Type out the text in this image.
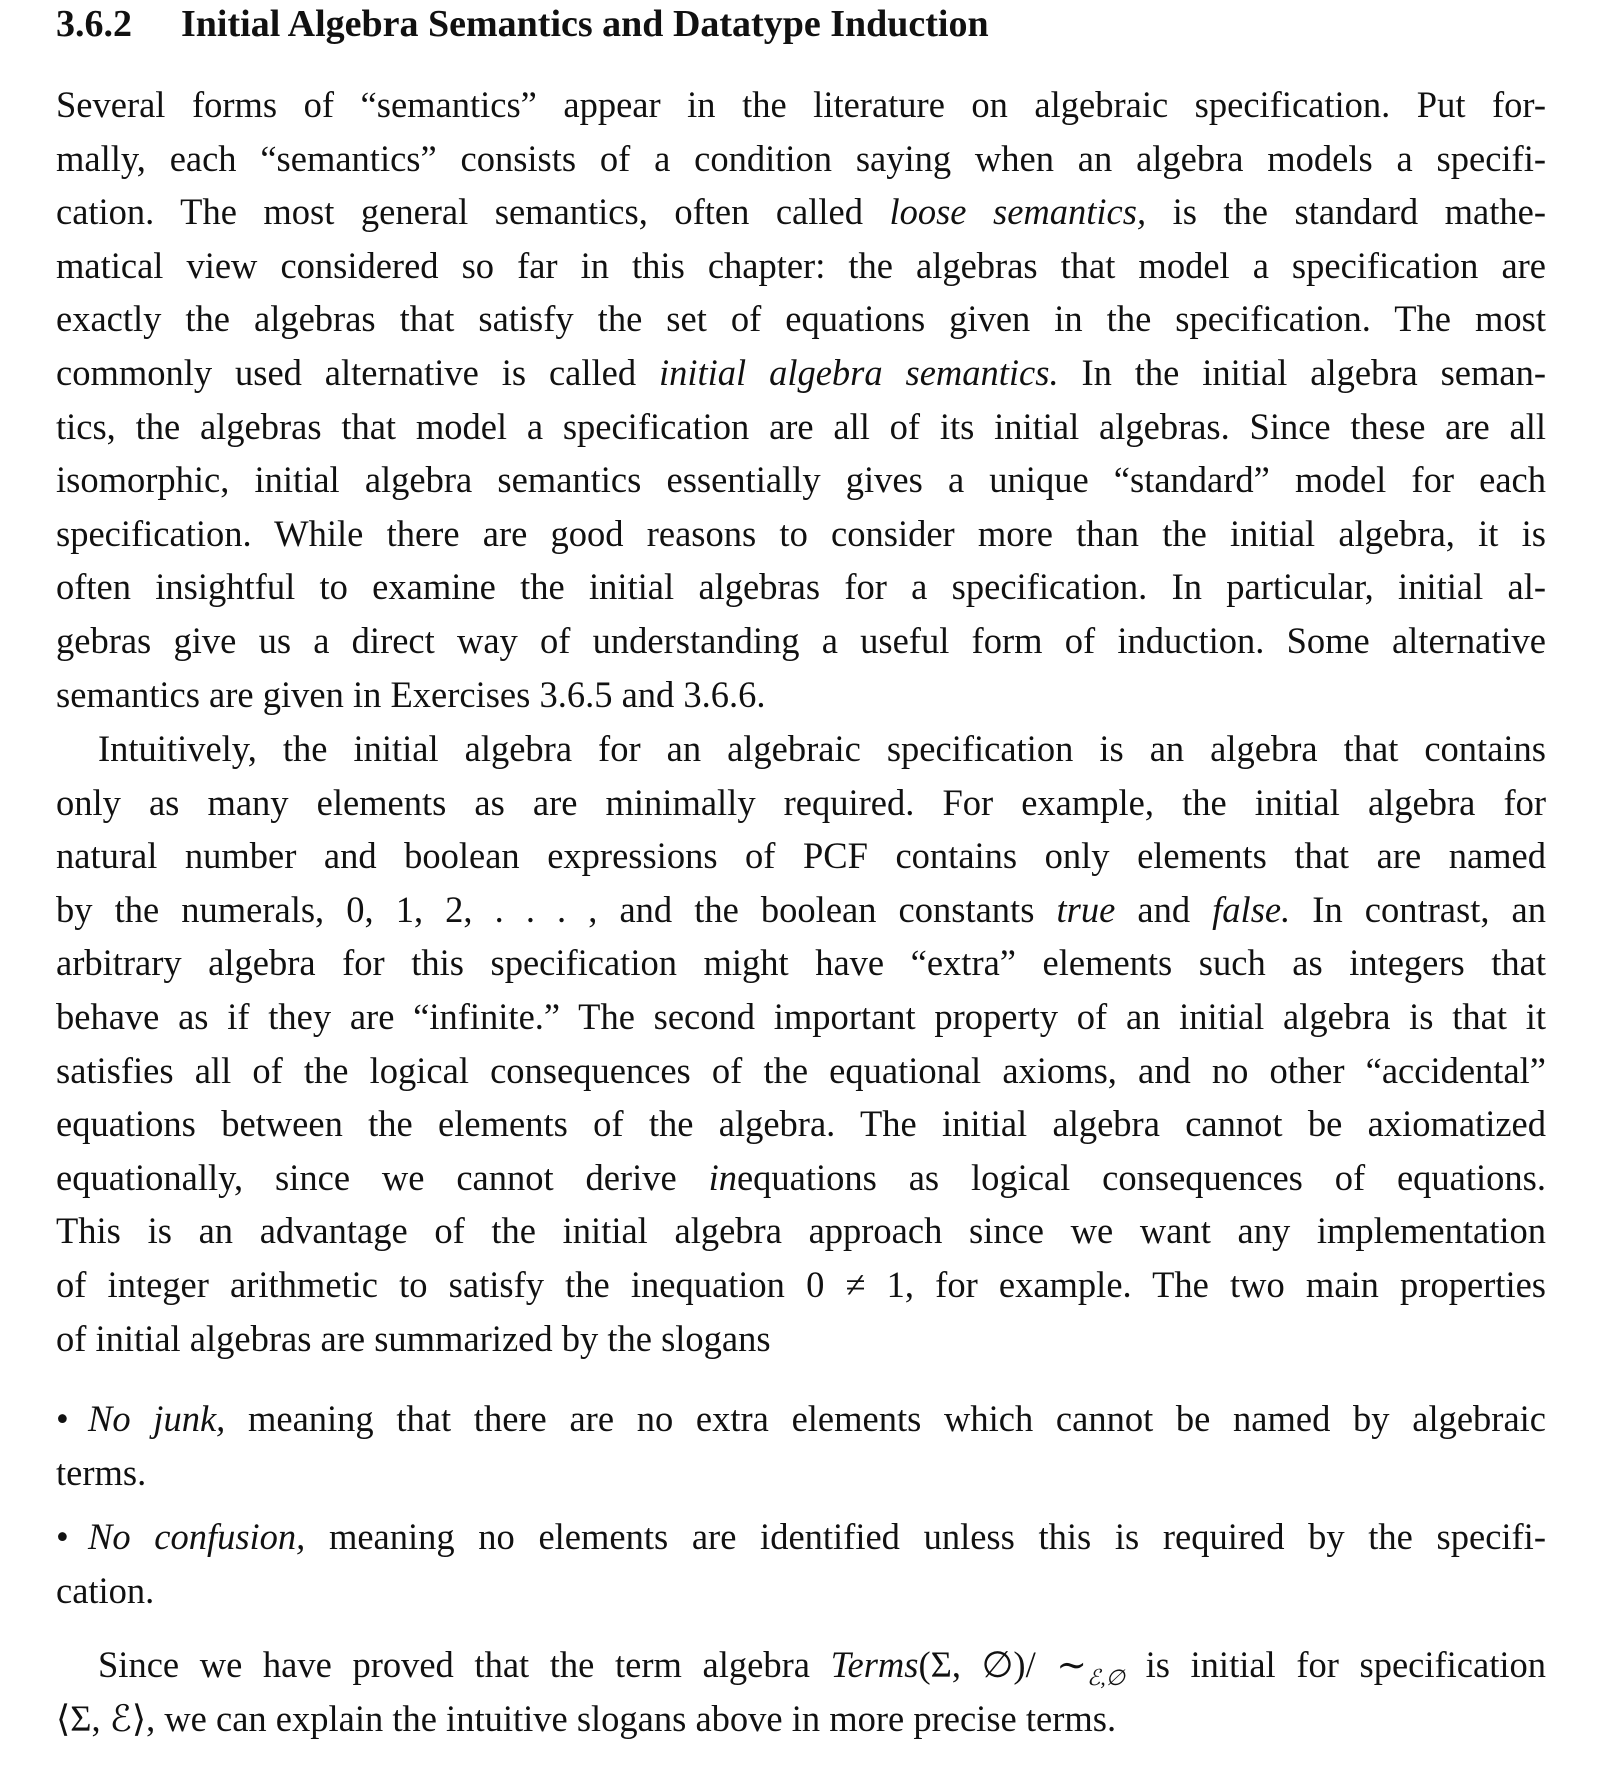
3.6.2 Initial Algebra Semantics and Datatype Induction
Several forms of “semantics” appear in the literature on algebraic specification. Put for-
mally, each “semantics” consists of a condition saying when an algebra models a specifi-
cation. The most general semantics, often called loose semantics, is the standard mathe-
matical view considered so far in this chapter: the algebras that model a specification are
exactly the algebras that satisfy the set of equations given in the specification. The most
commonly used alternative is called initial algebra semantics. In the initial algebra seman-
tics, the algebras that model a specification are all of its initial algebras. Since these are all
isomorphic, initial algebra semantics essentially gives a unique “standard” model for each
specification. While there are good reasons to consider more than the initial algebra, it is
often insightful to examine the initial algebras for a specification. In particular, initial al-
gebras give us a direct way of understanding a useful form of induction. Some alternative
semantics are given in Exercises 3.6.5 and 3.6.6.
Intuitively, the initial algebra for an algebraic specification is an algebra that contains
only as many elements as are minimally required. For example, the initial algebra for
natural number and boolean expressions of PCF contains only elements that are named
by the numerals, 0, 1, 2, . . . , and the boolean constants true and false. In contrast, an
arbitrary algebra for this specification might have “extra” elements such as integers that
behave as if they are “infinite.” The second important property of an initial algebra is that it
satisfies all of the logical consequences of the equational axioms, and no other “accidental”
equations between the elements of the algebra. The initial algebra cannot be axiomatized
equationally, since we cannot derive inequations as logical consequences of equations.
This is an advantage of the initial algebra approach since we want any implementation
of integer arithmetic to satisfy the inequation 0 ≠ 1, for example. The two main properties
of initial algebras are summarized by the slogans
• No junk, meaning that there are no extra elements which cannot be named by algebraic
terms.
• No confusion, meaning no elements are identified unless this is required by the specifi-
cation.
Since we have proved that the term algebra Terms(Σ, ∅)/ $\sim_{ℰ,\emptyset}$ is initial for specification
⟨Σ, ℰ⟩, we can explain the intuitive slogans above in more precise terms.
